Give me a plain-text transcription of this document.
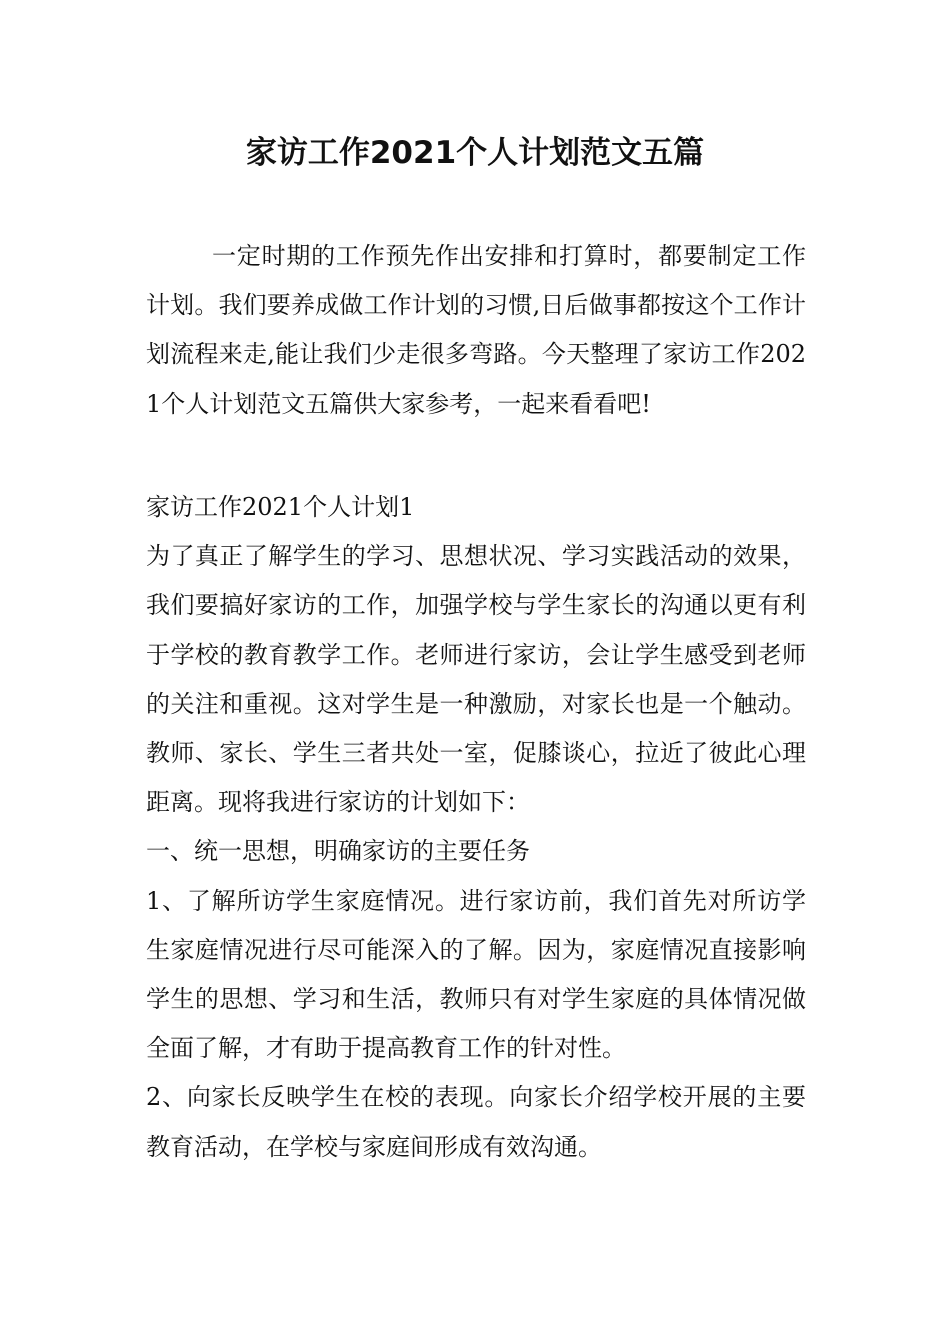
家访工作2021个人计划范文五篇

一定时期的工作预先作出安排和打算时，都要制定工作计划。我们要养成做工作计划的习惯,日后做事都按这个工作计划流程来走,能让我们少走很多弯路。今天整理了家访工作2021个人计划范文五篇供大家参考，一起来看看吧!

家访工作2021个人计划1

为了真正了解学生的学习、思想状况、学习实践活动的效果，我们要搞好家访的工作，加强学校与学生家长的沟通以更有利于学校的教育教学工作。老师进行家访，会让学生感受到老师的关注和重视。这对学生是一种激励，对家长也是一个触动。教师、家长、学生三者共处一室，促膝谈心，拉近了彼此心理距离。现将我进行家访的计划如下：

一、统一思想，明确家访的主要任务

1、了解所访学生家庭情况。进行家访前，我们首先对所访学生家庭情况进行尽可能深入的了解。因为，家庭情况直接影响学生的思想、学习和生活，教师只有对学生家庭的具体情况做全面了解，才有助于提高教育工作的针对性。

2、向家长反映学生在校的表现。向家长介绍学校开展的主要教育活动，在学校与家庭间形成有效沟通。
